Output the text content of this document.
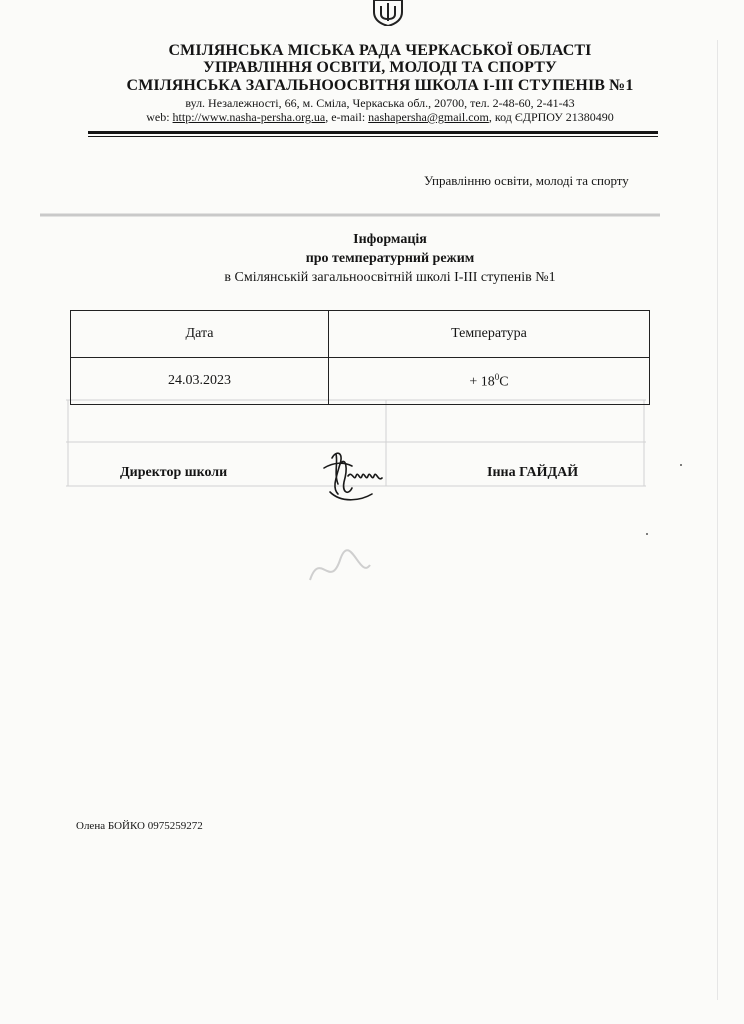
СМІЛЯНСЬКА МІСЬКА РАДА ЧЕРКАСЬКОЇ ОБЛАСТІ
УПРАВЛІННЯ ОСВІТИ, МОЛОДІ ТА СПОРТУ
СМІЛЯНСЬКА ЗАГАЛЬНООСВІТНЯ ШКОЛА І-ІІІ СТУПЕНІВ №1
вул. Незалежності, 66, м. Сміла, Черкаська обл., 20700, тел. 2-48-60, 2-41-43
web: http://www.nasha-persha.org.ua, e-mail: nashapersha@gmail.com, код ЄДРПОУ 21380490
Управлінню освіти, молоді та спорту
Інформація
про температурний режим
в Смілянській загальноосвітній школі І-ІІІ ступенів №1
Дата	Температура
24.03.2023	+ $18^0С$
Директор школи	Інна ГАЙДАЙ
Олена БОЙКО 0975259272
